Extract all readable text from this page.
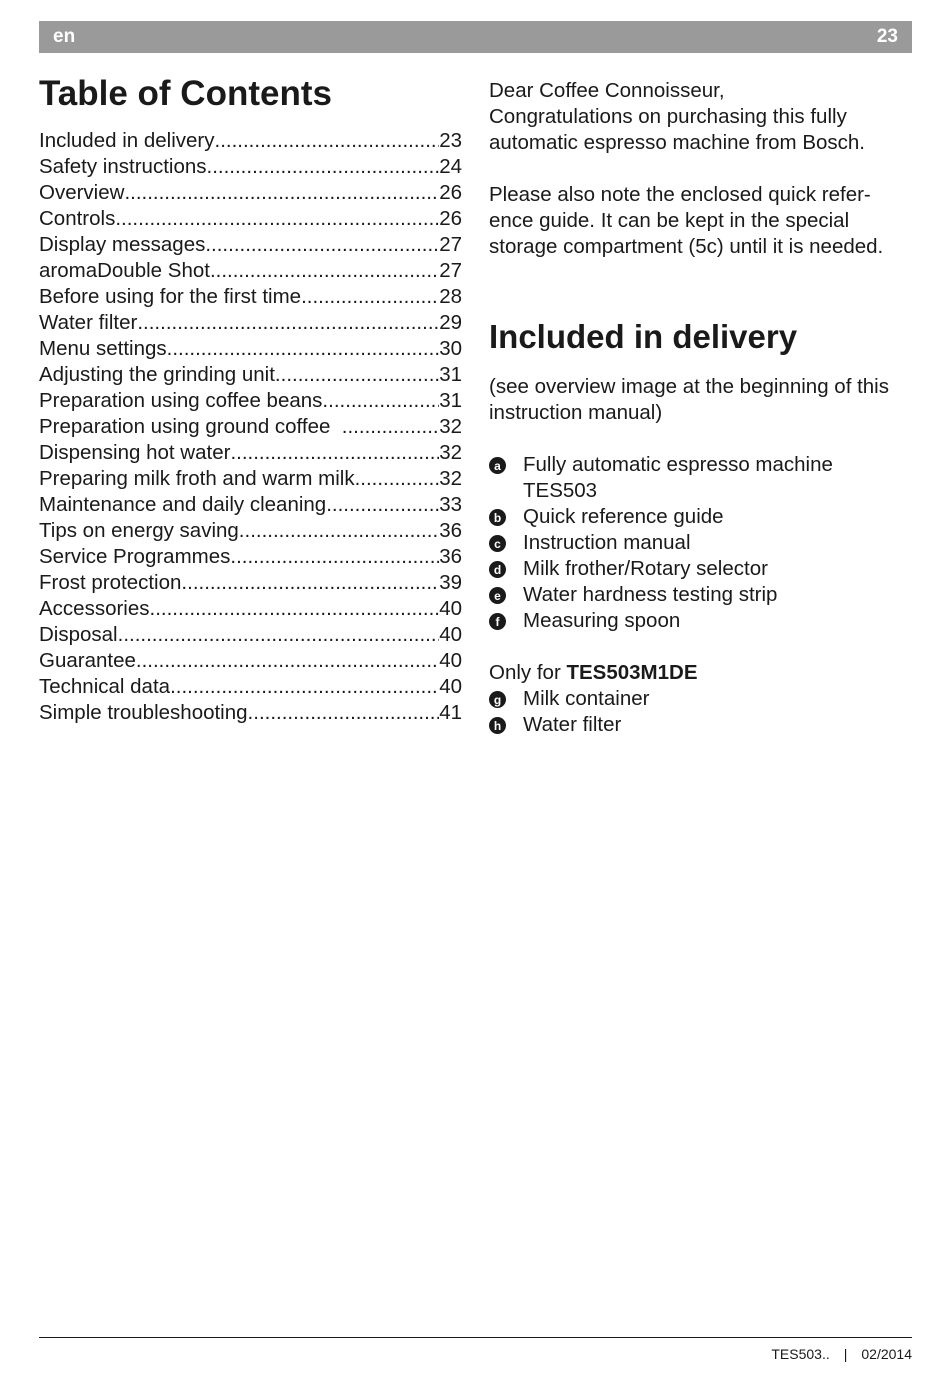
en	23
Table of Contents
Included in delivery .....	23
Safety instructions .....	24
Overview .....	26
Controls .....	26
Display messages .....	27
aromaDouble Shot .....	27
Before using for the first time .....	28
Water filter .....	29
Menu settings .....	30
Adjusting the grinding unit .....	31
Preparation using coffee beans .....	31
Preparation using ground coffee .....	32
Dispensing hot water .....	32
Preparing milk froth and warm milk .....	32
Maintenance and daily cleaning .....	33
Tips on energy saving .....	36
Service Programmes .....	36
Frost protection .....	39
Accessories .....	40
Disposal .....	40
Guarantee .....	40
Technical data .....	40
Simple troubleshooting .....	41

Dear Coffee Connoisseur,

Congratulations on purchasing this fully

automatic espresso machine from Bosch.

Please also note the enclosed quick refer-

ence guide. It can be kept in the special

storage compartment (5c) until it is needed.

Included in delivery

(see overview image at the beginning of this

instruction manual)

a Fully automatic espresso machine
TES503
b Quick reference guide
c Instruction manual
d Milk frother/Rotary selector
e Water hardness testing strip
f	Measuring spoon

Only for TES503M1DE

g Milk container
h Water filter
TES503.. | 02/2014
